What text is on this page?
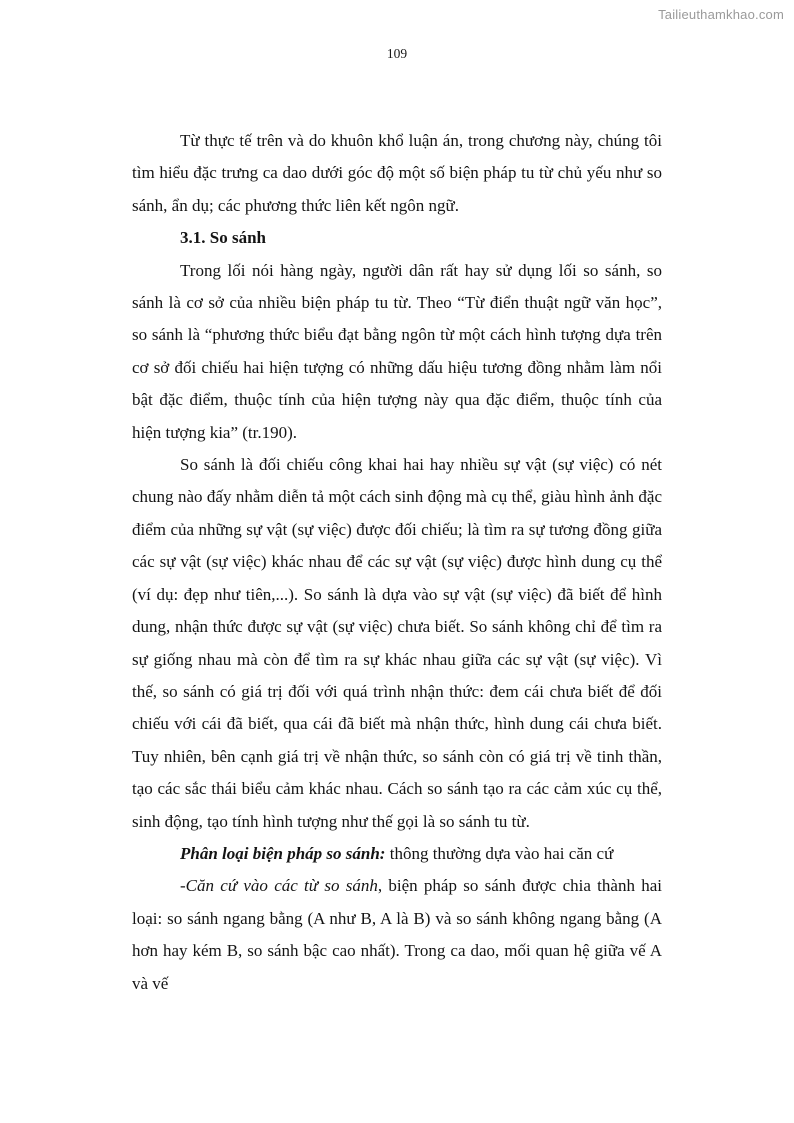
Tailieuthamkhao.com
109

Từ thực tế trên và do khuôn khổ luận án, trong chương này, chúng tôi tìm hiểu đặc trưng ca dao dưới góc độ một số biện pháp tu từ chủ yếu như so sánh, ẩn dụ; các phương thức liên kết ngôn ngữ.

3.1. So sánh

Trong lối nói hàng ngày, người dân rất hay sử dụng lối so sánh, so sánh là cơ sở của nhiều biện pháp tu từ. Theo “Từ điển thuật ngữ văn học”, so sánh là “phương thức biểu đạt bằng ngôn từ một cách hình tượng dựa trên cơ sở đối chiếu hai hiện tượng có những dấu hiệu tương đồng nhằm làm nổi bật đặc điểm, thuộc tính của hiện tượng này qua đặc điểm, thuộc tính của hiện tượng kia” (tr.190).

So sánh là đối chiếu công khai hai hay nhiều sự vật (sự việc) có nét chung nào đấy nhằm diễn tả một cách sinh động mà cụ thể, giàu hình ảnh đặc điểm của những sự vật (sự việc) được đối chiếu; là tìm ra sự tương đồng giữa các sự vật (sự việc) khác nhau để các sự vật (sự việc) được hình dung cụ thể (ví dụ: đẹp như tiên,...). So sánh là dựa vào sự vật (sự việc) đã biết để hình dung, nhận thức được sự vật (sự việc) chưa biết. So sánh không chỉ để tìm ra sự giống nhau mà còn để tìm ra sự khác nhau giữa các sự vật (sự việc). Vì thế, so sánh có giá trị đối với quá trình nhận thức: đem cái chưa biết để đối chiếu với cái đã biết, qua cái đã biết mà nhận thức, hình dung cái chưa biết. Tuy nhiên, bên cạnh giá trị về nhận thức, so sánh còn có giá trị về tinh thần, tạo các sắc thái biểu cảm khác nhau. Cách so sánh tạo ra các cảm xúc cụ thể, sinh động, tạo tính hình tượng như thế gọi là so sánh tu từ.

Phân loại biện pháp so sánh: thông thường dựa vào hai căn cứ

-Căn cứ vào các từ so sánh, biện pháp so sánh được chia thành hai loại: so sánh ngang bằng (A như B, A là B) và so sánh không ngang bằng (A hơn hay kém B, so sánh bậc cao nhất). Trong ca dao, mối quan hệ giữa vế A và vế
